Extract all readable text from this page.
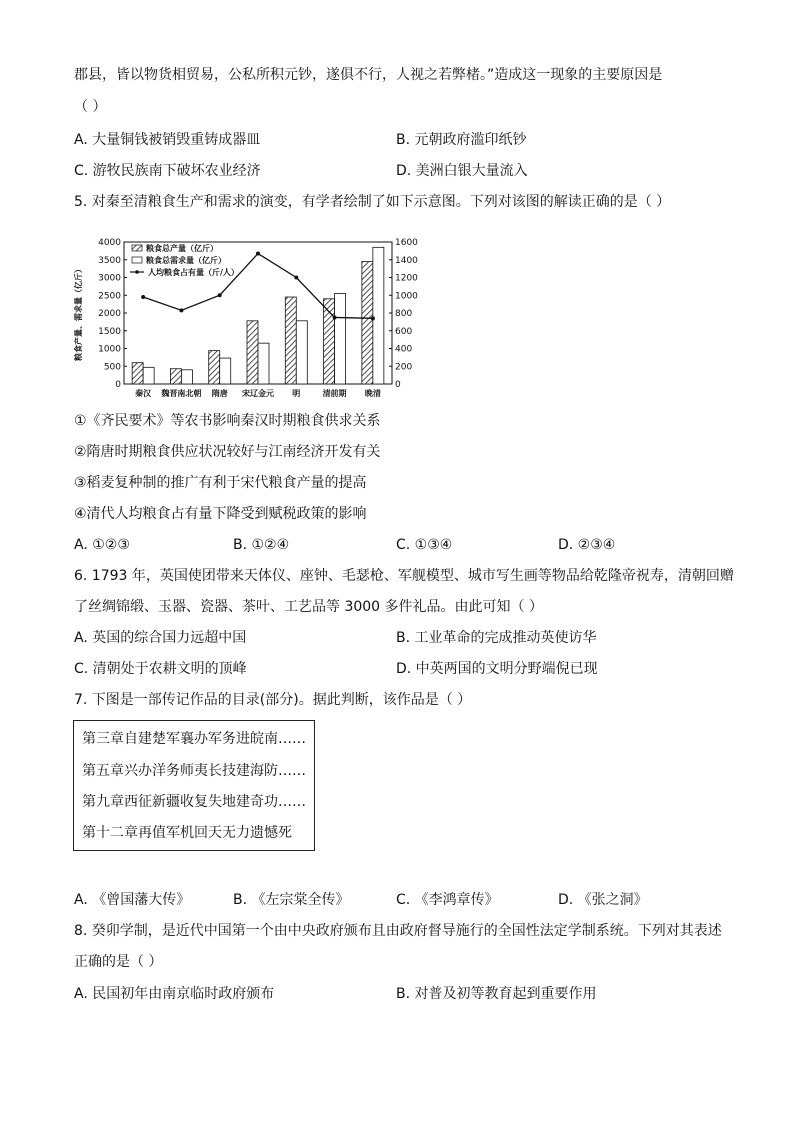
郡县，皆以物货相贸易，公私所积元钞，遂俱不行，人视之若弊楮。”造成这一现象的主要原因是
（ ）
A. 大量铜钱被销毁重铸成器皿	B. 元朝政府滥印纸钞
C. 游牧民族南下破坏农业经济	D. 美洲白银大量流入
5. 对秦至清粮食生产和需求的演变，有学者绘制了如下示意图。下列对该图的解读正确的是（ ）
0
500
1000
1500
2000
2500
3000
3500
4000
0
200
400
600
800
1000
1200
1400
1600
粮食产量、需求量（亿斤）
秦汉 魏晋南北朝 隋唐 宋辽金元 明	清前期 晚清
粮食总产量（亿斤）
粮食总需求量（亿斤）
人均粮食占有量（斤/人）
①《齐民要术》等农书影响秦汉时期粮食供求关系
②隋唐时期粮食供应状况较好与江南经济开发有关
③稻麦复种制的推广有利于宋代粮食产量的提高
④清代人均粮食占有量下降受到赋税政策的影响
A. ①②③	B. ①②④	C. ①③④	D. ②③④
6. 1793 年，英国使团带来天体仪、座钟、毛瑟枪、军舰模型、城市写生画等物品给乾隆帝祝寿，清朝回赠
了丝绸锦缎、玉器、瓷器、茶叶、工艺品等 3000 多件礼品。由此可知（ ）
A. 英国的综合国力远超中国	B. 工业革命的完成推动英使访华
C. 清朝处于农耕文明的顶峰	D. 中英两国的文明分野端倪已现
7. 下图是一部传记作品的目录(部分)。据此判断，该作品是（ ）
第三章自建楚军襄办军务进皖南……
第五章兴办洋务师夷长技建海防……
第九章西征新疆收复失地建奇功……
第十二章再值军机回天无力遗憾死
A. 《曾国藩大传》	B. 《左宗棠全传》	C. 《李鸿章传》	D. 《张之洞》
8. 癸卯学制，是近代中国第一个由中央政府颁布且由政府督导施行的全国性法定学制系统。下列对其表述
正确的是（ ）
A. 民国初年由南京临时政府颁布	B. 对普及初等教育起到重要作用
